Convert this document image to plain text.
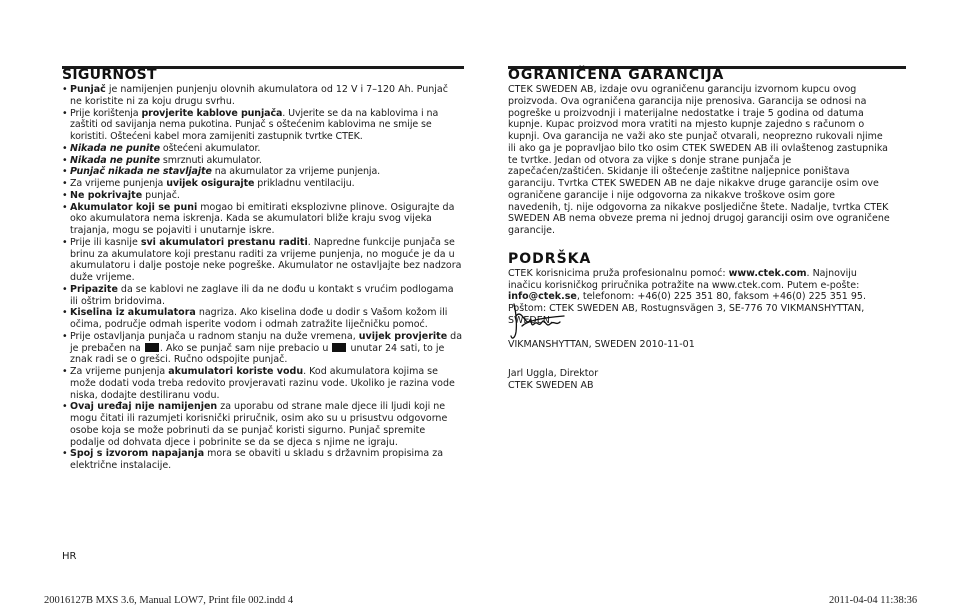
SIGURNOST
• Punjač je namijenjen punjenju olovnih akumulatora od 12 V i 7–120 Ah. Punjač ne koristite ni za koju drugu svrhu.
• Prije korištenja provjerite kablove punjača. Uvjerite se da na kablovima i na zaštiti od savijanja nema pukotina. Punjač s oštećenim kablovima ne smije se koristiti. Oštećeni kabel mora zamijeniti zastupnik tvrtke CTEK.
• Nikada ne punite oštećeni akumulator.
• Nikada ne punite smrznuti akumulator.
• Punjač nikada ne stavljajte na akumulator za vrijeme punjenja.
• Za vrijeme punjenja uvijek osigurajte prikladnu ventilaciju.
• Ne pokrivajte punjač.
• Akumulator koji se puni mogao bi emitirati eksplozivne plinove. Osigurajte da oko akumulatora nema iskrenja. Kada se akumulatori bliže kraju svog vijeka trajanja, mogu se pojaviti i unutarnje iskre.
• Prije ili kasnije svi akumulatori prestanu raditi. Napredne funkcije punjača se brinu za akumulatore koji prestanu raditi za vrijeme punjenja, no moguće je da u akumulatoru i dalje postoje neke pogreške. Akumulator ne ostavljajte bez nadzora duže vrijeme.
• Pripazite da se kablovi ne zaglave ili da ne dođu u kontakt s vrućim podlogama ili oštrim bridovima.
• Kiselina iz akumulatora nagriza. Ako kiselina dođe u dodir s Vašom kožom ili očima, područje odmah isperite vodom i odmah zatražite liječničku pomoć.
• Prije ostavljanja punjača u radnom stanju na duže vremena, uvijek provjerite da je prebačen na . Ako se punjač sam nije prebacio u  unutar 24 sati, to je znak radi se o grešci. Ručno odspojite punjač.
• Za vrijeme punjenja akumulatori koriste vodu. Kod akumulatora kojima se može dodati voda treba redovito provjeravati razinu vode. Ukoliko je razina vode niska, dodajte destiliranu vodu.
• Ovaj uređaj nije namijenjen za uporabu od strane male djece ili ljudi koji ne mogu čitati ili razumjeti korisnički priručnik, osim ako su u prisustvu odgovorne osobe koja se može pobrinuti da se punjač koristi sigurno. Punjač spremite podalje od dohvata djece i pobrinite se da se djeca s njime ne igraju.
• Spoj s izvorom napajanja mora se obaviti u skladu s državnim propisima za električne instalacije.
OGRANIČENA GARANCIJA

CTEK SWEDEN AB, izdaje ovu ograničenu garanciju izvornom kupcu ovog proizvoda. Ova ograničena garancija nije prenosiva. Garancija se odnosi na pogreške u proizvodnji i materijalne nedostatke i traje 5 godina od datuma kupnje. Kupac proizvod mora vratiti na mjesto kupnje zajedno s računom o kupnji. Ova garancija ne važi ako ste punjač otvarali, neoprezno rukovali njime ili ako ga je popravljao bilo tko osim CTEK SWEDEN AB ili ovlaštenog zastupnika te tvrtke. Jedan od otvora za vijke s donje strane punjača je zapečaćen/zaštićen. Skidanje ili oštećenje zaštitne naljepnice poništava garanciju. Tvrtka CTEK SWEDEN AB ne daje nikakve druge garancije osim ove ograničene garancije i nije odgovorna za nikakve troškove osim gore navedenih, tj. nije odgovorna za nikakve posljedične štete. Nadalje, tvrtka CTEK SWEDEN AB nema obveze prema ni jednoj drugoj garanciji osim ove ograničene garancije.

PODRŠKA

CTEK korisnicima pruža profesionalnu pomoć: www.ctek.com. Najnoviju inačicu korisničkog priručnika potražite na www.ctek.com. Putem e-pošte: info@ctek.se, telefonom: +46(0) 225 351 80, faksom +46(0) 225 351 95. Poštom: CTEK SWEDEN AB, Rostugnsvägen 3, SE-776 70 VIKMANSHYTTAN, SWEDEN.

VIKMANSHYTTAN, SWEDEN 2010-11-01

Jarl Uggla, Direktor
CTEK SWEDEN AB
HR
20016127B MXS 3.6, Manual LOW7, Print file 002.indd 4	2011-04-04 11:38:36
